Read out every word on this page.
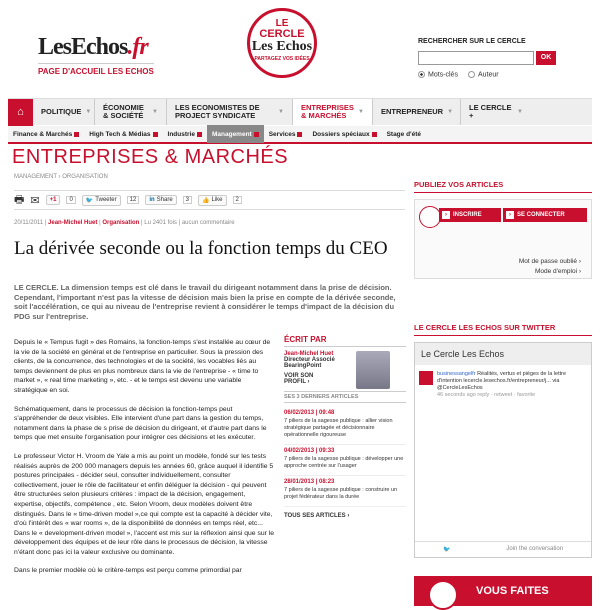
LesEchos.fr
PAGE D'ACCUEIL LES ECHOS
LE
CERCLE
Les Echos
PARTAGEZ VOS IDÉES
RECHERCHER SUR LE CERCLE
OK
Mots-clés	Auteur
⌂	POLITIQUE ▼ ÉCONOMIE & SOCIÉTÉ	▼ LES ECONOMISTES DE PROJECT SYNDICATE	▼ ENTREPRISES & MARCHÉS	▼ ENTREPRENEUR ▼ LE CERCLE +	▼
Finance & Marchés	High Tech & Médias	Industrie	Management	Services	Dossiers spéciaux	Stage d'été
ENTREPRISES & MARCHÉS
MANAGEMENT › ORGANISATION
🖶 ✉ +1	0	🐦 Tweeter	12	in Share	3	👍 Like	2
20/11/2011 | Jean-Michel Huet | Organisation | Lu 2401 fois | aucun commentaire
La dérivée seconde ou la fonction temps du CEO
LE CERCLE. La dimension temps est clé dans le travail du dirigeant notamment dans la prise de décision. Cependant, l'important n'est pas la vitesse de décision mais bien la prise en compte de la dérivée seconde, soit l'accélération, ce qui au niveau de l'entreprise revient à considérer le temps d'impact de la décision du PDG sur l'entreprise.

Depuis le « Tempus fugit » des Romains, la fonction-temps s'est installée au cœur de la vie de la société en général et de l'entreprise en particulier. Sous la pression des clients, de la concurrence, des technologies et de la société, les vocables liés au temps deviennent de plus en plus nombreux dans la vie de l'entreprise - « time to market », « real time marketing », etc. - et le temps est devenu une variable stratégique en soi.

Schématiquement, dans le processus de décision la fonction-temps peut s'appréhender de deux visibles. Elle intervient d'une part dans la gestion du temps, notamment dans la phase de s prise de décision du dirigeant, et d'autre part dans le temps que met ensuite l'organisation pour intégrer ces décisions et les exécuter.

Le professeur Victor H. Vroom de Yale a mis au point un modèle, fondé sur les tests réalisés auprès de 200 000 managers depuis les années 60, grâce auquel il identifie 5 postures principales - décider seul, consulter individuellement, consulter collectivement, jouer le rôle de facilitateur et enfin déléguer la décision - qui peuvent être structurées selon plusieurs critères : impact de la décision, engagement, expertise, objectifs, compétence , etc. Selon Vroom, deux modèles doivent être distingués. Dans le « time-driven model »,ce qui compte est la capacité à décider vite, d'où l'intérêt des « war rooms », de la disponibilité de données en temps réel, etc... Dans le « development-driven model », l'accent est mis sur la réflexion ainsi que sur le développement des équipes et de leur rôle dans le processus de décision, la vitesse n'étant donc pas ici la valeur exclusive ou dominante.

Dans le premier modèle où le critère-temps est perçu comme primordial par

ÉCRIT PAR
Jean-Michel Huet
Directeur Associé
BearingPoint
VOIR SON PROFIL ›
SES 3 DERNIERS ARTICLES
06/02/2013 | 09:48
7 piliers de la sagesse publique : allier vision stratégique partagée et décisionnaire opérationnelle rigoureuse
04/02/2013 | 09:33
7 piliers de la sagesse publique : développer une approche centrée sur l'usager
28/01/2013 | 08:23
7 piliers de la sagesse publique : construire un projet fédérateur dans la durée
TOUS SES ARTICLES ›
PUBLIEZ VOS ARTICLES
›	INSCRIRE	›	SE CONNECTER
Mot de passe oublié ›
Mode d'emploi ›
LE CERCLE LES ECHOS SUR TWITTER
Le Cercle Les Echos
businessangelfr Réalités, vertus et pièges de la lettre d'intention lecercle.lesechos.fr/entrepreneur/j... via @CercleLesEchos
46 seconds ago reply · retweet · favorite
🐦	Join the conversation
VOUS FAITES
